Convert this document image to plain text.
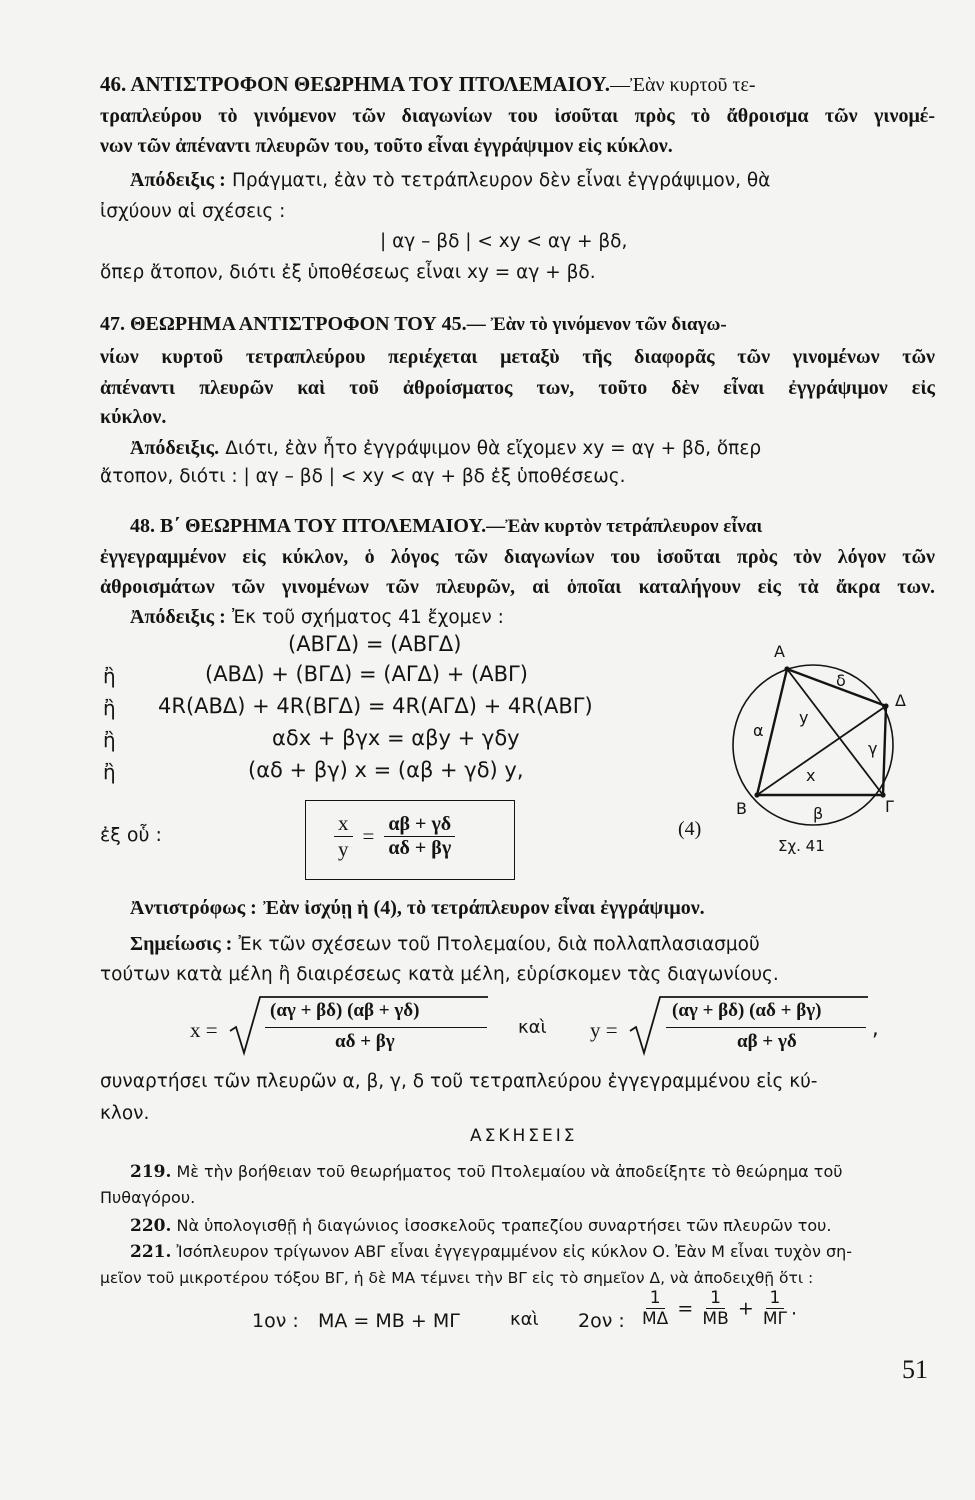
46. ΑΝΤΙΣΤΡΟΦΟΝ ΘΕΩΡΗΜΑ ΤΟΥ ΠΤΟΛΕΜΑΙΟΥ.—Ἐὰν κυρτοῦ τε-
τραπλεύρου τὸ γινόμενον τῶν διαγωνίων του ἰσοῦται πρὸς τὸ ἄθροισμα τῶν γινομέ-
νων τῶν ἀπέναντι πλευρῶν του, τοῦτο εἶναι ἐγγράψιμον εἰς κύκλον.
Ἀπόδειξις : Πράγματι, ἐὰν τὸ τετράπλευρον δὲν εἶναι ἐγγράψιμον, θὰ
ἰσχύουν αἱ σχέσεις :
| αγ – βδ | < xy < αγ + βδ,
ὅπερ ἄτοπον, διότι ἐξ ὑποθέσεως εἶναι xy = αγ + βδ.
47. ΘΕΩΡΗΜΑ ΑΝΤΙΣΤΡΟΦΟΝ ΤΟΥ 45.— Ἐὰν τὸ γινόμενον τῶν διαγω-
νίων κυρτοῦ τετραπλεύρου περιέχεται μεταξὺ τῆς διαφορᾶς τῶν γινομένων τῶν
ἀπέναντι πλευρῶν καὶ τοῦ ἀθροίσματος των, τοῦτο δὲν εἶναι ἐγγράψιμον εἰς
κύκλον.
Ἀπόδειξις. Διότι, ἐὰν ἦτο ἐγγράψιμον θὰ εἴχομεν xy = αγ + βδ, ὅπερ
ἄτοπον, διότι : | αγ – βδ | < xy < αγ + βδ ἐξ ὑποθέσεως.
48. Β΄ ΘΕΩΡΗΜΑ ΤΟΥ ΠΤΟΛΕΜΑΙΟΥ.—Ἐὰν κυρτὸν τετράπλευρον εἶναι
ἐγγεγραμμένον εἰς κύκλον, ὁ λόγος τῶν διαγωνίων του ἰσοῦται πρὸς τὸν λόγον τῶν
ἀθροισμάτων τῶν γινομένων τῶν πλευρῶν, αἱ ὁποῖαι καταλήγουν εἰς τὰ ἄκρα των.
Ἀπόδειξις : Ἐκ τοῦ σχήματος 41 ἔχομεν :
(ΑΒΓΔ) = (ΑΒΓΔ)
ἢ	(ΑΒΔ) + (ΒΓΔ) = (ΑΓΔ) + (ΑΒΓ)
ἢ 4R(ΑΒΔ) + 4R(ΒΓΔ) = 4R(ΑΓΔ) + 4R(ΑΒΓ)
ἢ	αδx + βγx = αβy + γδy
ἢ	(αδ + βγ) x = (αβ + γδ) y,
ἐξ οὗ :	$\frac{x}{y} = \frac{\alpha\beta + \gamma\delta}{\alpha\delta + \beta\gamma}$	(4)
Α
Δ
Γ
Β
α
β
γ
δ
y
x
Σχ. 41
Ἀντιστρόφως : Ἐὰν ἰσχύῃ ἡ (4), τὸ τετράπλευρον εἶναι ἐγγράψιμον.
Σημείωσις : Ἐκ τῶν σχέσεων τοῦ Πτολεμαίου, διὰ πολλαπλασιασμοῦ
τούτων κατὰ μέλη ἢ διαιρέσεως κατὰ μέλη, εὑρίσκομεν τὰς διαγωνίους.
x =
(αγ + βδ) (αβ + γδ)
αδ + βγ
καὶ y =
(αγ + βδ) (αδ + βγ)
αβ + γδ
,
συναρτήσει τῶν πλευρῶν α, β, γ, δ τοῦ τετραπλεύρου ἐγγεγραμμένου εἰς κύ-
κλον.
ΑΣΚΗΣΕΙΣ
219. Μὲ τὴν βοήθειαν τοῦ θεωρήματος τοῦ Πτολεμαίου νὰ ἀποδείξητε τὸ θεώρημα τοῦ
Πυθαγόρου.
220. Νὰ ὑπολογισθῇ ἡ διαγώνιος ἰσοσκελοῦς τραπεζίου συναρτήσει τῶν πλευρῶν του.
221. Ἰσόπλευρον τρίγωνον ΑΒΓ εἶναι ἐγγεγραμμένον εἰς κύκλον Ο. Ἐὰν Μ εἶναι τυχὸν ση-
μεῖον τοῦ μικροτέρου τόξου ΒΓ, ἡ δὲ ΜΑ τέμνει τὴν ΒΓ εἰς τὸ σημεῖον Δ, νὰ ἀποδειχθῇ ὅτι :
1ον : ΜΑ = ΜΒ + ΜΓ	καὶ 2ον : $\frac{1}{M\Delta} = \frac{1}{MB} + \frac{1}{M\Gamma}$ .
51
